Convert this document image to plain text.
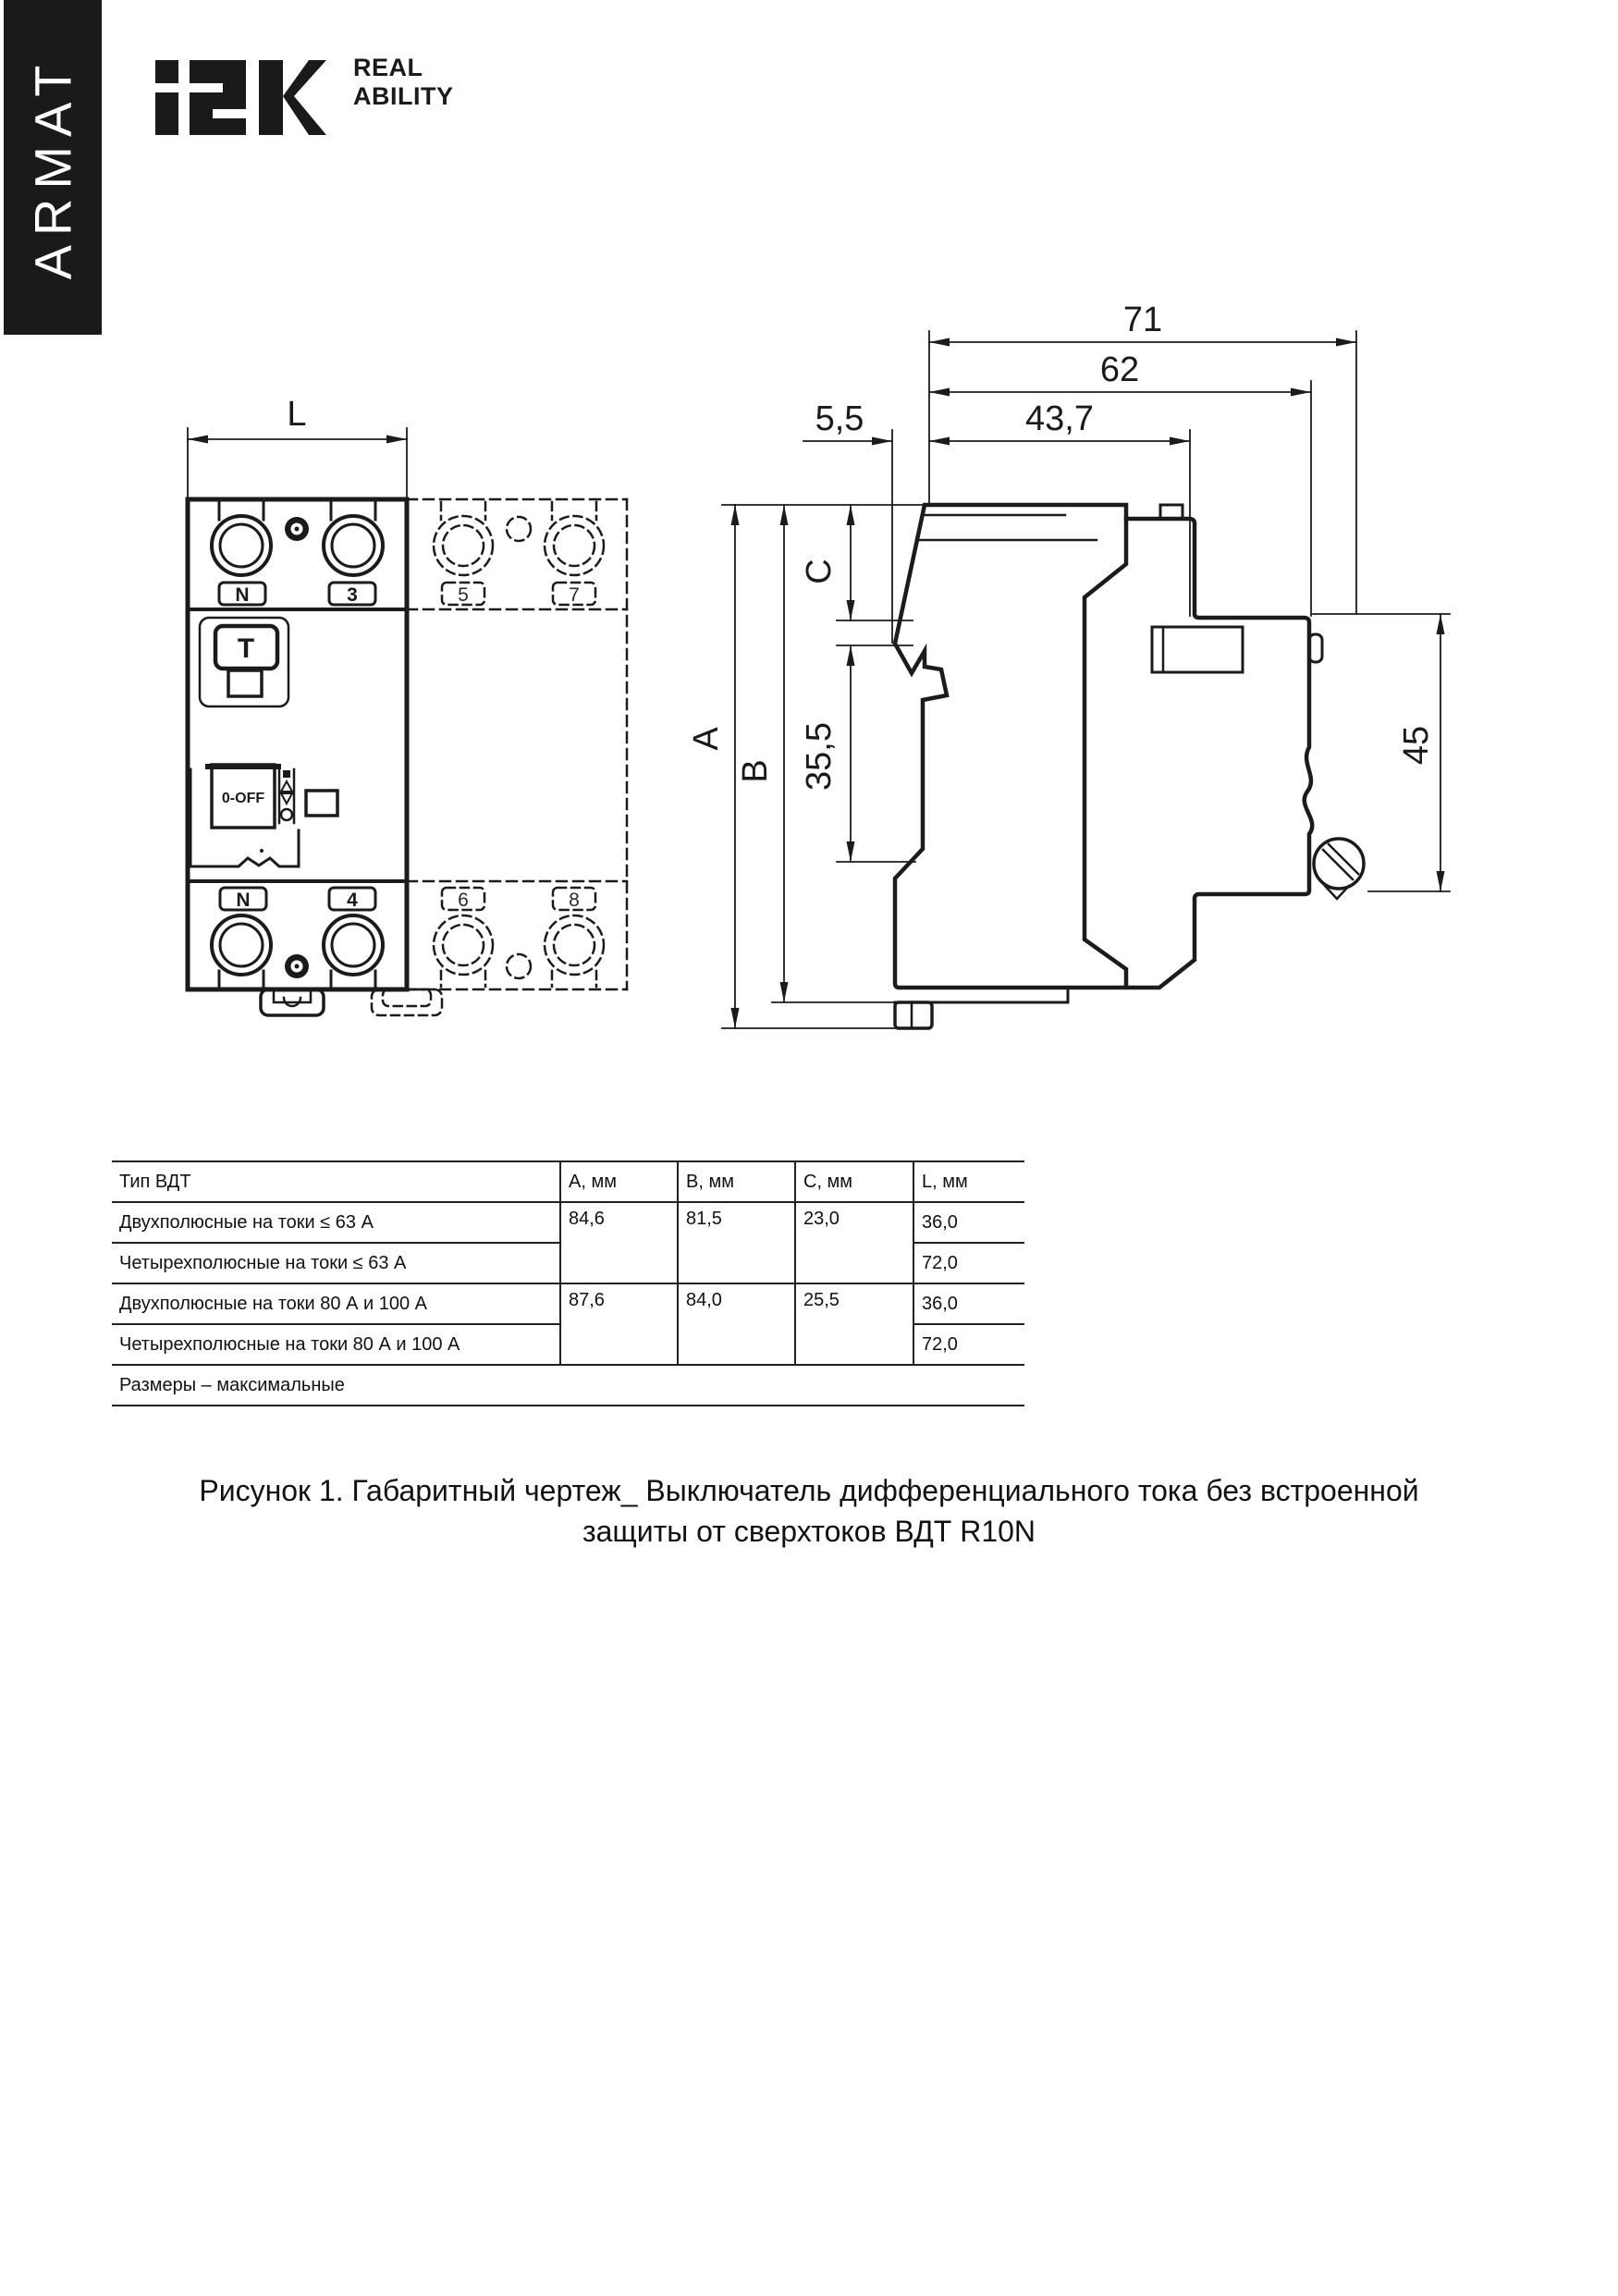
ARMAT	REAL
ABILITY
N	3	5	7
T
0-OFF
N	4	6	8
L
71
62
43,7
5,5
A
B
C
35,5	45
Тип ВДТ	A, мм	B, мм	C, мм	L, мм
Двухполюсные на токи ≤ 63 А	84,6	81,5	23,0	36,0
Четырехполюсные на токи ≤ 63 А				72,0
Двухполюсные на токи 80 А и 100 А	87,6	84,0	25,5	36,0
Четырехполюсные на токи 80 А и 100 А				72,0
Размеры – максимальные				
Рисунок 1. Габаритный чертеж_ Выключатель дифференциального тока без встроенной
защиты от сверхтоков ВДТ R10N
